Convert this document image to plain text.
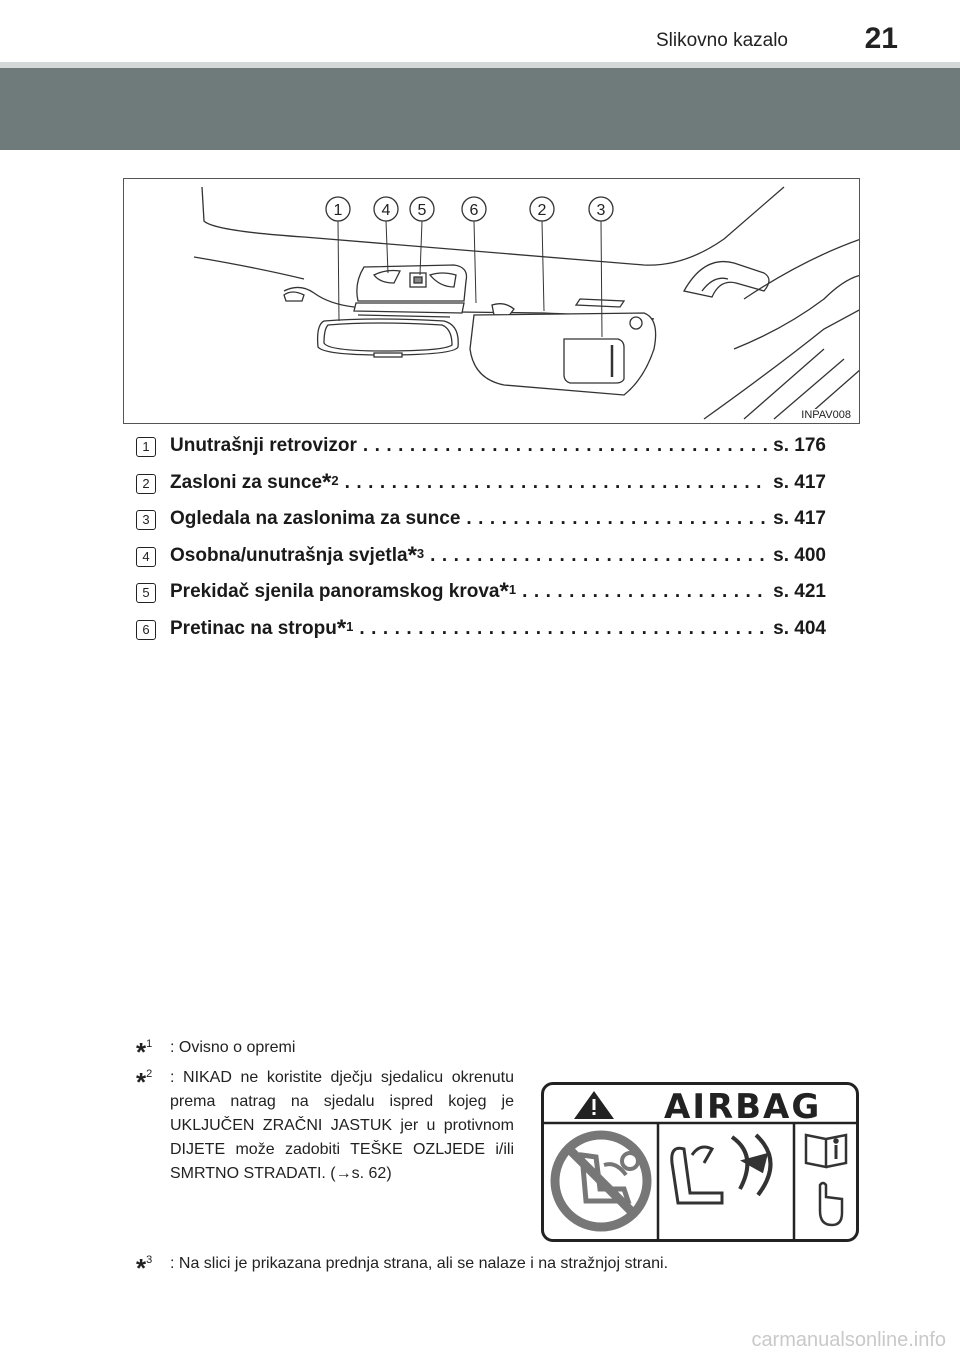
Slikovno kazalo	21
1 4 5	6	2	3
INPAV008
1	Unutrašnji retrovizor . . .	s. 176
2	Zasloni za sunce *$^2$ . . .	s. 417
3	Ogledala na zaslonima za sunce . . .	s. 417
4	Osobna/unutrašnja svjetla *$^3$ . . .	s. 400
5	Prekidač sjenila panoramskog krova *$^1$ . . .	s. 421
6	Pretinac na stropu *$^1$ . . .	s. 404
*$^1$ : Ovisno o opremi
*$^2$ : NIKAD ne koristite dječju sjedalicu okrenutu prema natrag na sjedalu ispred kojeg je UKLJUČEN ZRAČNI JASTUK jer u protivnom DIJETE može zadobiti TEŠKE OZLJEDE i/ili SMRTNO STRADATI. (→s. 62)
*$^3$ : Na slici je prikazana prednja strana, ali se nalaze i na stražnjoj strani.
AIRBAG
carmanualsonline.info
